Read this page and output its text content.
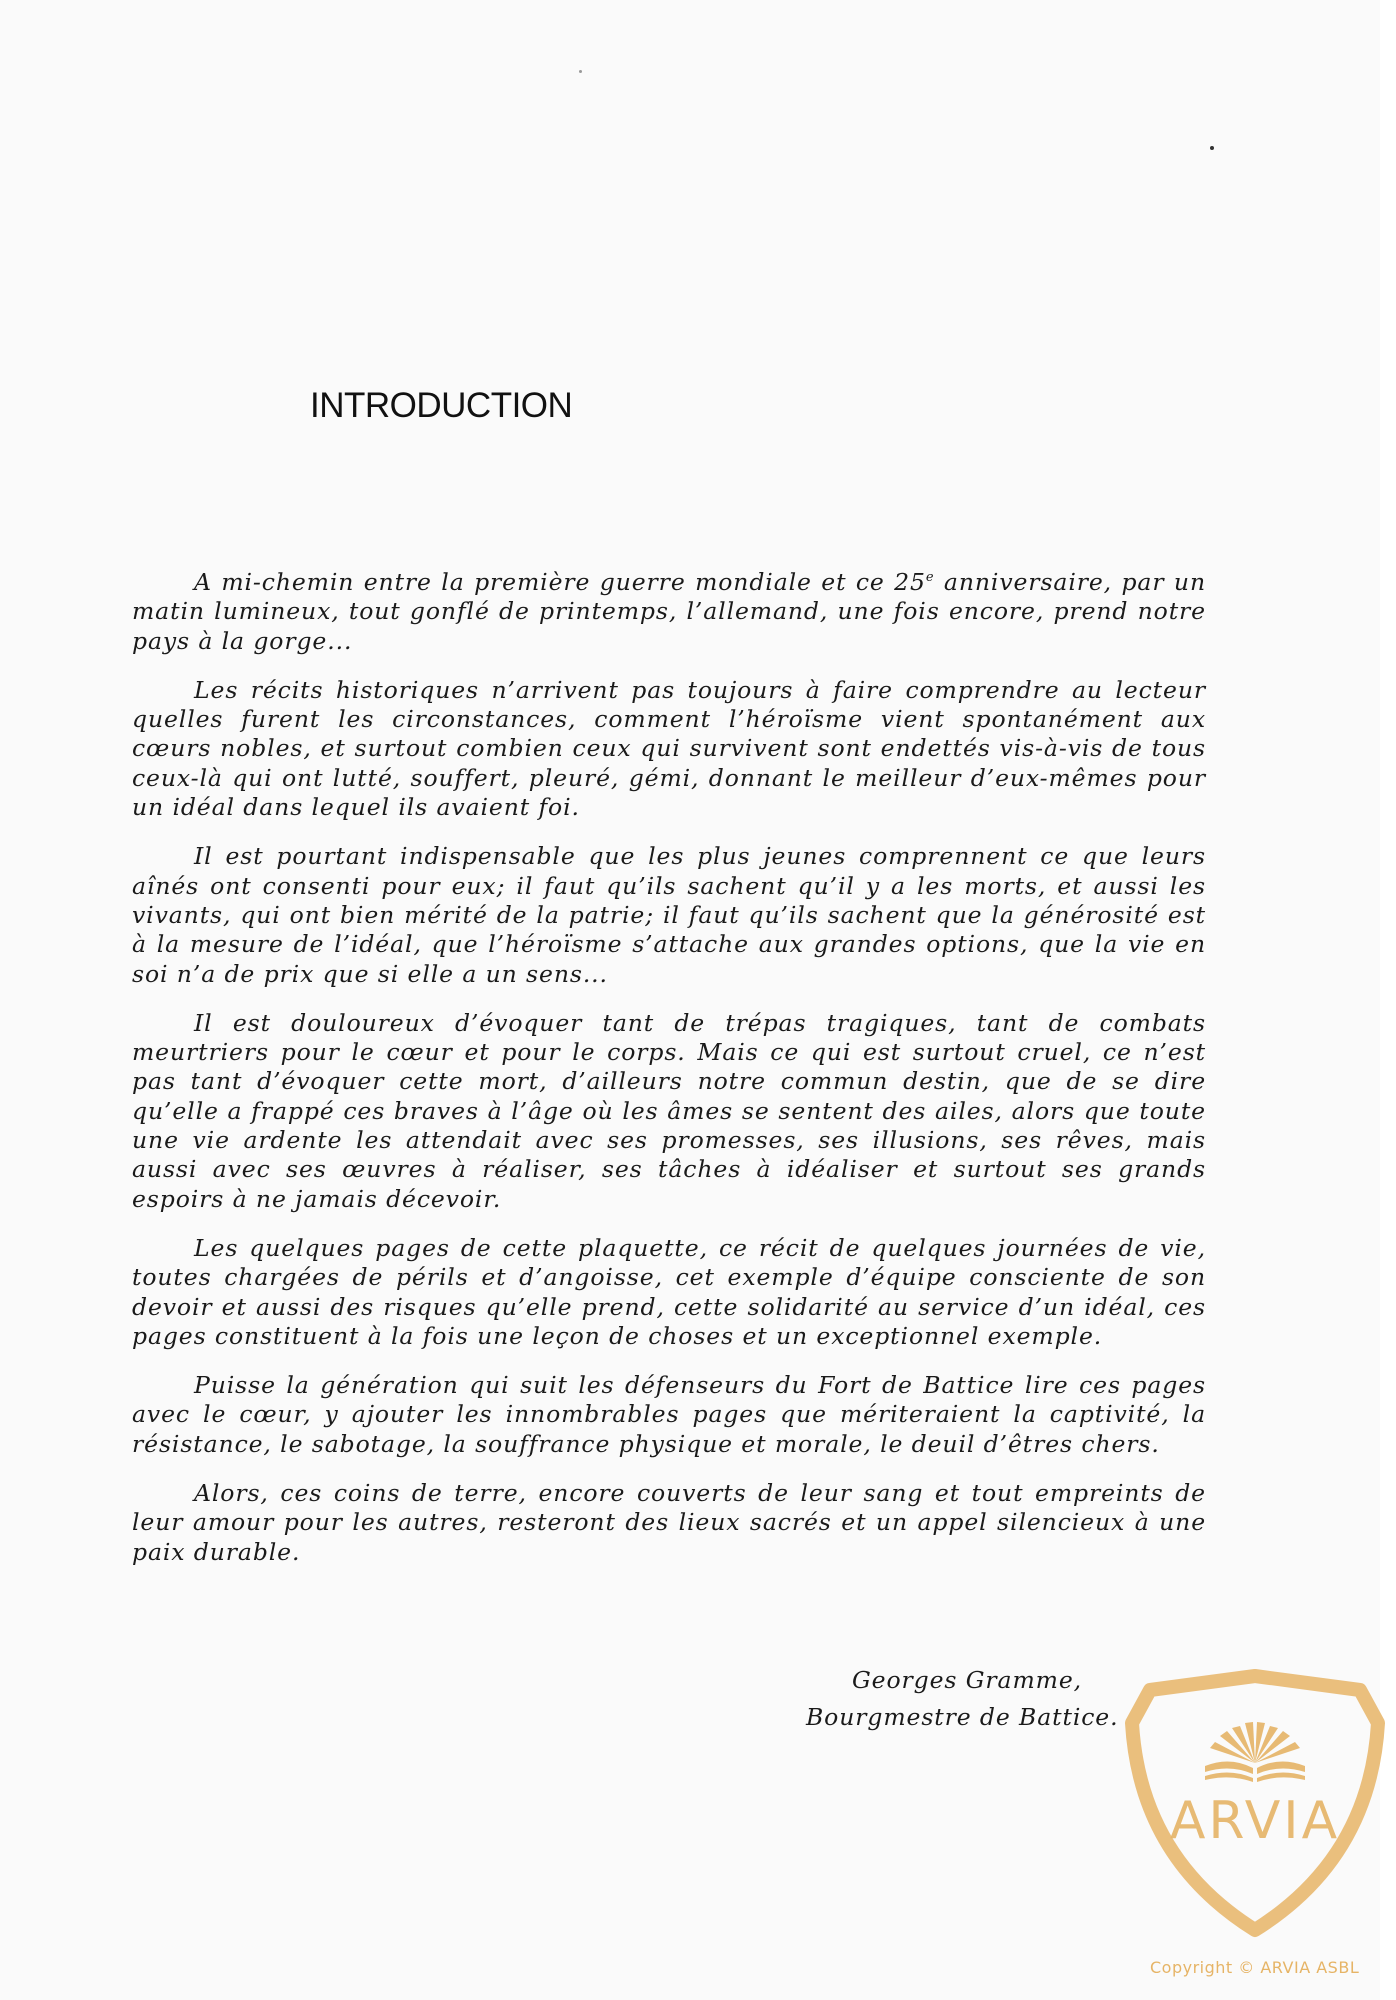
INTRODUCTION

A mi-chemin entre la première guerre mondiale et ce 25e anniversaire, par un matin lumineux, tout gonflé de printemps, l’allemand, une fois encore, prend notre pays à la gorge...

Les récits historiques n’arrivent pas toujours à faire comprendre au lecteur quelles furent les circonstances, comment l’héroïsme vient spontanément aux cœurs nobles, et surtout combien ceux qui survivent sont endettés vis-à-vis de tous ceux-là qui ont lutté, souffert, pleuré, gémi, donnant le meilleur d’eux-mêmes pour un idéal dans lequel ils avaient foi.

Il est pourtant indispensable que les plus jeunes comprennent ce que leurs aînés ont consenti pour eux; il faut qu’ils sachent qu’il y a les morts, et aussi les vivants, qui ont bien mérité de la patrie; il faut qu’ils sachent que la générosité est à la mesure de l’idéal, que l’héroïsme s’attache aux grandes options, que la vie en soi n’a de prix que si elle a un sens...

Il est douloureux d’évoquer tant de trépas tragiques, tant de combats meurtriers pour le cœur et pour le corps. Mais ce qui est surtout cruel, ce n’est pas tant d’évoquer cette mort, d’ailleurs notre commun destin, que de se dire qu’elle a frappé ces braves à l’âge où les âmes se sentent des ailes, alors que toute une vie ardente les attendait avec ses promesses, ses illusions, ses rêves, mais aussi avec ses œuvres à réaliser, ses tâches à idéaliser et surtout ses grands espoirs à ne jamais décevoir.

Les quelques pages de cette plaquette, ce récit de quelques journées de vie, toutes chargées de périls et d’angoisse, cet exemple d’équipe consciente de son devoir et aussi des risques qu’elle prend, cette solidarité au service d’un idéal, ces pages constituent à la fois une leçon de choses et un exceptionnel exemple.

Puisse la génération qui suit les défenseurs du Fort de Battice lire ces pages avec le cœur, y ajouter les innombrables pages que mériteraient la captivité, la résistance, le sabotage, la souffrance physique et morale, le deuil d’êtres chers.

Alors, ces coins de terre, encore couverts de leur sang et tout empreints de leur amour pour les autres, resteront des lieux sacrés et un appel silencieux à une paix durable.

Georges Gramme,
Bourgmestre de Battice.
ARVIA
Copyright © ARVIA ASBL
